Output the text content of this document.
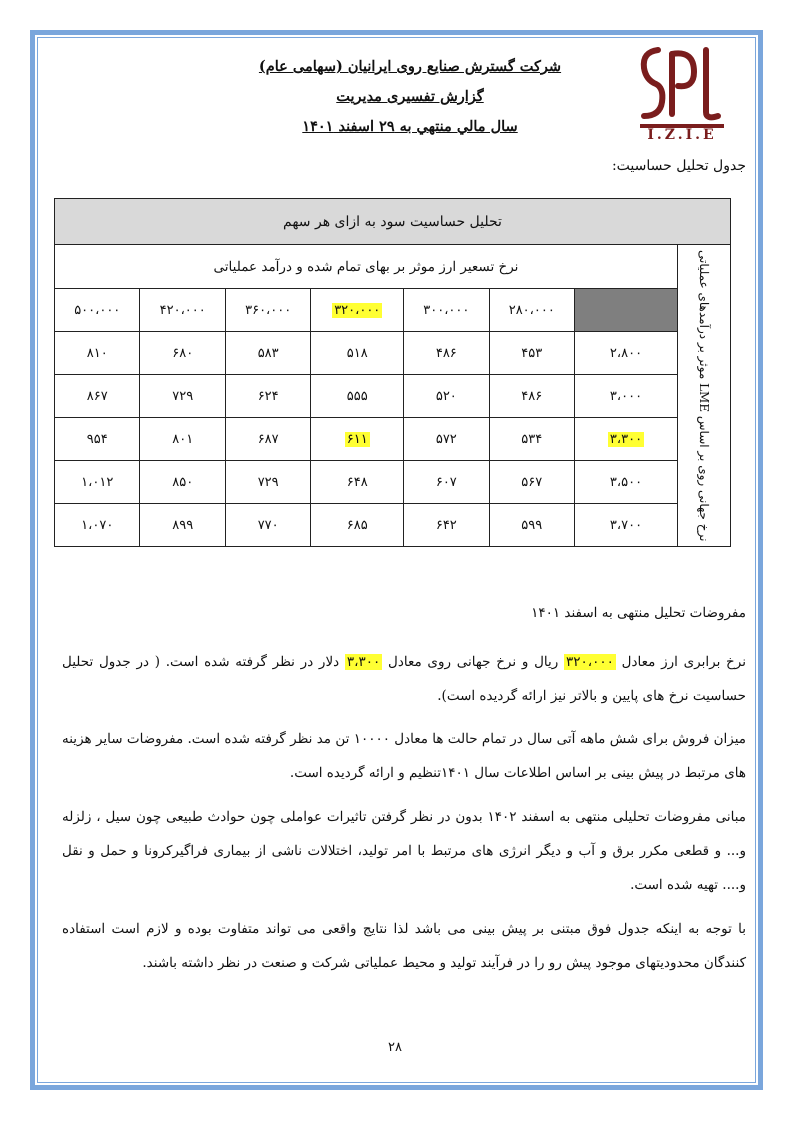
شرکت گسترش صنایع روی ایرانیان (سهامی عام)
گزارش تفسیری مدیریت
سال مالي منتهي به ۲۹ اسفند ۱۴۰۱	I.Z.I.E
جدول تحلیل حساسیت:
تحلیل حساسیت سود به ازای هر سهم							

نرخ جهانی روی بر اساس LME موثر بر درآمدهای عملیاتی	نرخ تسعیر ارز موثر بر بهای تمام شده و درآمد عملیاتی						
		۲۸۰،۰۰۰	۳۰۰،۰۰۰	۳۲۰،۰۰۰	۳۶۰،۰۰۰	۴۲۰،۰۰۰	۵۰۰،۰۰۰
	۲،۸۰۰	۴۵۳	۴۸۶	۵۱۸	۵۸۳	۶۸۰	۸۱۰
	۳،۰۰۰	۴۸۶	۵۲۰	۵۵۵	۶۲۴	۷۲۹	۸۶۷
	۳،۳۰۰	۵۳۴	۵۷۲	۶۱۱	۶۸۷	۸۰۱	۹۵۴
	۳،۵۰۰	۵۶۷	۶۰۷	۶۴۸	۷۲۹	۸۵۰	۱،۰۱۲
	۳،۷۰۰	۵۹۹	۶۴۲	۶۸۵	۷۷۰	۸۹۹	۱،۰۷۰
مفروضات تحلیل منتهی به اسفند ۱۴۰۱
نرخ برابری ارز معادل ۳۲۰،۰۰۰ ریال و نرخ جهانی روی معادل ۳،۳۰۰ دلار در نظر گرفته شده است. ( در جدول تحلیل حساسیت نرخ های پایین و بالاتر نیز ارائه گردیده است).
میزان فروش برای شش ماهه آتی سال در تمام حالت ها معادل ۱۰۰۰۰ تن مد نظر گرفته شده است. مفروضات سایر هزینه های مرتبط در پیش بینی بر اساس اطلاعات سال ۱۴۰۱تنظیم و ارائه گردیده است.
مبانی مفروضات تحلیلی منتهی به اسفند ۱۴۰۲ بدون در نظر گرفتن تاثیرات عواملی چون حوادث طبیعی چون سیل ، زلزله و... و قطعی مکرر برق و آب و دیگر انرژی های مرتبط با امر تولید، اختلالات ناشی از بیماری فراگیرکرونا و حمل و نقل و.... تهیه شده است.
با توجه به اینکه جدول فوق مبتنی بر پیش بینی می باشد لذا نتایج واقعی می تواند متفاوت بوده و لازم است استفاده کنندگان محدودیتهای موجود پیش رو را در فرآیند تولید و محیط عملیاتی شرکت و صنعت در نظر داشته باشند.
۲۸
